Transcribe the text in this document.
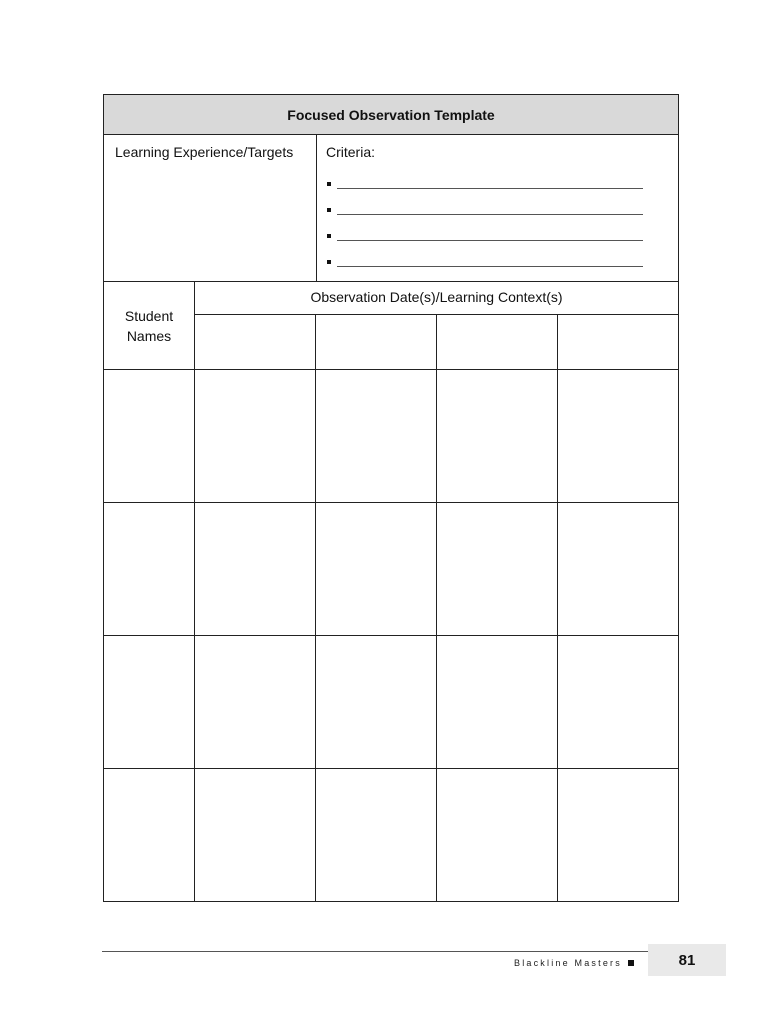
Focused Observation Template
Learning Experience/Targets	Criteria:
Student
Names
Observation Date(s)/Learning Context(s)
Blackline Masters	81
